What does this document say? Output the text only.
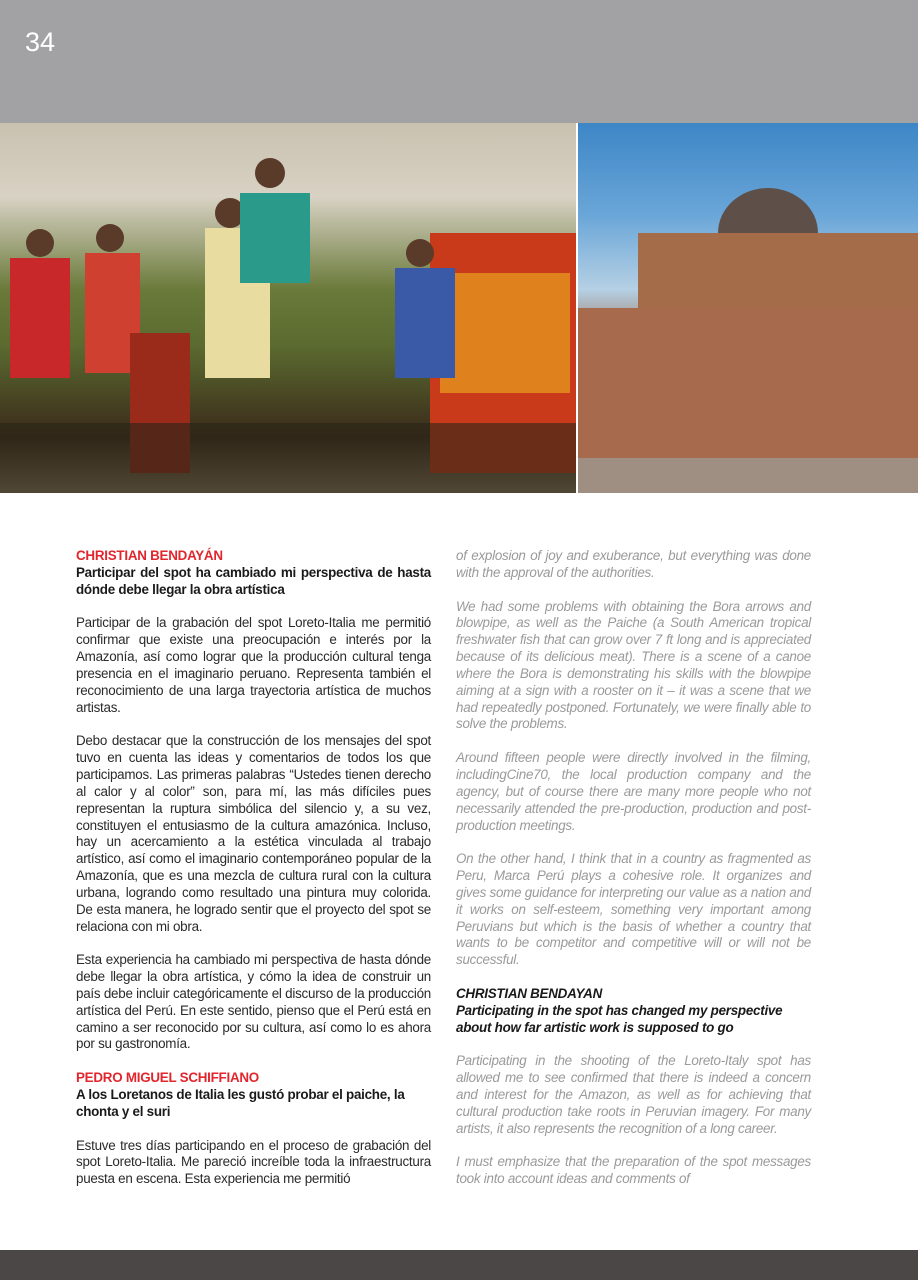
34
CHRISTIAN BENDAYÁN
Participar del spot ha cambiado mi perspectiva de hasta dónde debe llegar la obra artística

Participar de la grabación del spot Loreto-Italia me permitió confirmar que existe una preocupación e interés por la Amazonía, así como lograr que la producción cultural tenga presencia en el imaginario peruano. Representa también el reconocimiento de una larga trayectoria artística de muchos artistas.

Debo destacar que la construcción de los mensajes del spot tuvo en cuenta las ideas y comentarios de todos los que participamos. Las primeras palabras “Ustedes tienen derecho al calor y al color” son, para mí, las más difíciles pues representan la ruptura simbólica del silencio y, a su vez, constituyen el entusiasmo de la cultura amazónica. Incluso, hay un acercamiento a la estética vinculada al trabajo artístico, así como el imaginario contemporáneo popular de la Amazonía, que es una mezcla de cultura rural con la cultura urbana, logrando como resultado una pintura muy colorida. De esta manera, he logrado sentir que el proyecto del spot se relaciona con mi obra.

Esta experiencia ha cambiado mi perspectiva de hasta dónde debe llegar la obra artística, y cómo la idea de construir un país debe incluir categóricamente el discurso de la producción artística del Perú. En este sentido, pienso que el Perú está en camino a ser reconocido por su cultura, así como lo es ahora por su gastronomía.

PEDRO MIGUEL SCHIFFIANO
A los Loretanos de Italia les gustó probar el paiche, la chonta y el suri

Estuve tres días participando en el proceso de grabación del spot Loreto-Italia. Me pareció increíble toda la infraestructura puesta en escena. Esta experiencia me permitió

of explosion of joy and exuberance, but everything was done with the approval of the authorities.

We had some problems with obtaining the Bora arrows and blowpipe, as well as the Paiche (a South American tropical freshwater fish that can grow over 7 ft long and is appreciated because of its delicious meat). There is a scene of a canoe where the Bora is demonstrating his skills with the blowpipe aiming at a sign with a rooster on it – it was a scene that we had repeatedly postponed. Fortunately, we were finally able to solve the problems.

Around fifteen people were directly involved in the filming, includingCine70, the local production company and the agency, but of course there are many more people who not necessarily attended the pre-production, production and post-production meetings.

On the other hand, I think that in a country as fragmented as Peru, Marca Perú plays a cohesive role. It organizes and gives some guidance for interpreting our value as a nation and it works on self-esteem, something very important among Peruvians but which is the basis of whether a country that wants to be competitor and competitive will or will not be successful.

CHRISTIAN BENDAYAN
Participating in the spot has changed my perspective about how far artistic work is supposed to go

Participating in the shooting of the Loreto-Italy spot has allowed me to see confirmed that there is indeed a concern and interest for the Amazon, as well as for achieving that cultural production take roots in Peruvian imagery. For many artists, it also represents the recognition of a long career.

I must emphasize that the preparation of the spot messages took into account ideas and comments of
